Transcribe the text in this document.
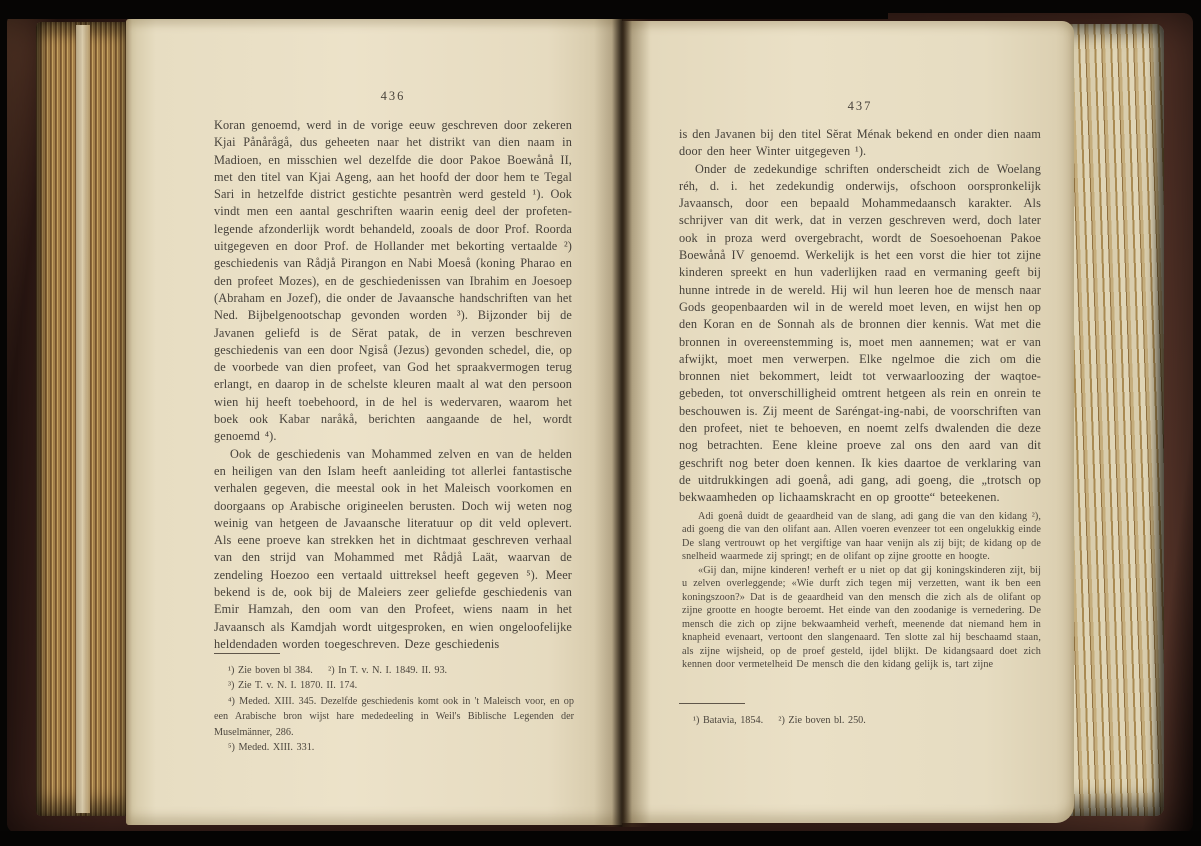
436

Koran genoemd, werd in de vorige eeuw geschreven door zekeren Kjai Pånårågå, dus geheeten naar het distrikt van dien naam in Madioen, en misschien wel dezelfde die door Pakoe Boewånå II, met den titel van Kjai Ageng, aan het hoofd der door hem te Tegal Sari in hetzelfde district gestichte pesantrèn werd gesteld ¹). Ook vindt men een aantal geschriften waarin eenig deel der profeten-legende afzonderlijk wordt behandeld, zooals de door Prof. Roorda uitgegeven en door Prof. de Hollander met bekorting vertaalde ²) geschiedenis van Rådjå Pirangon en Nabi Moeså (koning Pharao en den profeet Mozes), en de geschiedenissen van Ibrahim en Joesoep (Abraham en Jozef), die onder de Javaansche handschriften van het Ned. Bijbelgenootschap gevonden worden ³). Bijzonder bij de Javanen geliefd is de Sĕrat patak, de in verzen beschreven geschiedenis van een door Ngiså (Jezus) gevonden schedel, die, op de voorbede van dien profeet, van God het spraakvermogen terug erlangt, en daarop in de schelste kleuren maalt al wat den persoon wien hij heeft toebehoord, in de hel is wedervaren, waarom het boek ook Kabar naråkå, berichten aangaande de hel, wordt genoemd ⁴).

Ook de geschiedenis van Mohammed zelven en van de helden en heiligen van den Islam heeft aanleiding tot allerlei fantastische verhalen gegeven, die meestal ook in het Maleisch voorkomen en doorgaans op Arabische origineelen berusten. Doch wij weten nog weinig van hetgeen de Javaansche literatuur op dit veld oplevert. Als eene proeve kan strekken het in dichtmaat geschreven verhaal van den strijd van Mohammed met Rådjå Laät, waarvan de zendeling Hoezoo een vertaald uittreksel heeft gegeven ⁵). Meer bekend is de, ook bij de Maleiers zeer geliefde geschiedenis van Emir Hamzah, den oom van den Profeet, wiens naam in het Javaansch als Kamdjah wordt uitgesproken, en wien ongeloofelijke heldendaden worden toegeschreven. Deze geschiedenis

¹) Zie boven bl 384.  ²) In T. v. N. I. 1849. II. 93.

³) Zie T. v. N. I. 1870. II. 174.

⁴) Meded. XIII. 345. Dezelfde geschiedenis komt ook in 't Maleisch voor, en op een Arabische bron wijst hare mededeeling in Weil's Biblische Legenden der Muselmänner, 286.

⁵) Meded. XIII. 331.

437

is den Javanen bij den titel Sĕrat Ménak bekend en onder dien naam door den heer Winter uitgegeven ¹).

Onder de zedekundige schriften onderscheidt zich de Woelang réh, d. i. het zedekundig onderwijs, ofschoon oorspronkelijk Javaansch, door een bepaald Mohammedaansch karakter. Als schrijver van dit werk, dat in verzen geschreven werd, doch later ook in proza werd overgebracht, wordt de Soesoehoenan Pakoe Boewånå IV genoemd. Werkelijk is het een vorst die hier tot zijne kinderen spreekt en hun vaderlijken raad en vermaning geeft bij hunne intrede in de wereld. Hij wil hun leeren hoe de mensch naar Gods geopenbaarden wil in de wereld moet leven, en wijst hen op den Koran en de Sonnah als de bronnen dier kennis. Wat met die bronnen in overeenstemming is, moet men aannemen; wat er van afwijkt, moet men verwerpen. Elke ngelmoe die zich om die bronnen niet bekommert, leidt tot verwaarloozing der waqtoe-gebeden, tot onverschilligheid omtrent hetgeen als rein en onrein te beschouwen is. Zij meent de Saréngat-ing-nabi, de voorschriften van den profeet, niet te behoeven, en noemt zelfs dwalenden die deze nog betrachten. Eene kleine proeve zal ons den aard van dit geschrift nog beter doen kennen. Ik kies daartoe de verklaring van de uitdrukkingen adi goenå, adi gang, adi goeng, die „trotsch op bekwaamheden op lichaamskracht en op grootte“ beteekenen.

Adi goenå duidt de geaardheid van de slang, adi gang die van den kidang ²), adi goeng die van den olifant aan. Allen voeren evenzeer tot een ongelukkig einde De slang vertrouwt op het vergiftige van haar venijn als zij bijt; de kidang op de snelheid waarmede zij springt; en de olifant op zijne grootte en hoogte.

«Gij dan, mijne kinderen! verheft er u niet op dat gij koningskinderen zijt, bij u zelven overleggende; «Wie durft zich tegen mij verzetten, want ik ben een koningszoon?» Dat is de geaardheid van den mensch die zich als de olifant op zijne grootte en hoogte beroemt. Het einde van den zoodanige is vernedering. De mensch die zich op zijne bekwaamheid verheft, meenende dat niemand hem in knapheid evenaart, vertoont den slangenaard. Ten slotte zal hij beschaamd staan, als zijne wijsheid, op de proef gesteld, ijdel blijkt. De kidangsaard doet zich kennen door vermetelheid De mensch die den kidang gelijk is, tart zijne

¹) Batavia, 1854.  ²) Zie boven bl. 250.
